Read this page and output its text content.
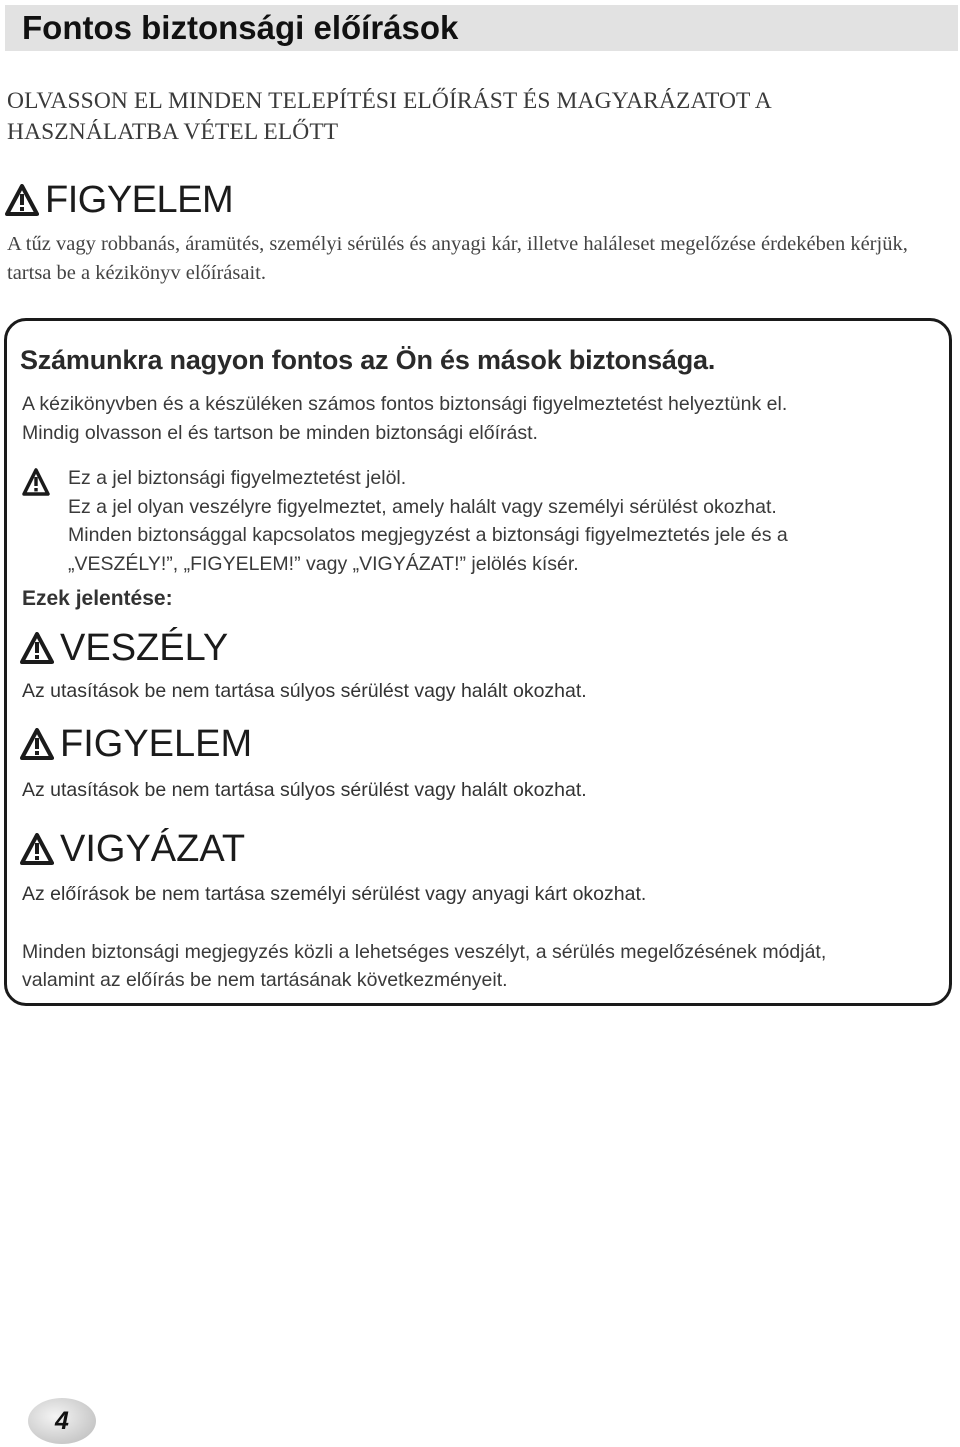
Fontos biztonsági előírások

OLVASSON EL MINDEN TELEPÍTÉSI ELŐÍRÁST ÉS MAGYARÁZATOT A HASZNÁLATBA VÉTEL ELŐTT

FIGYELEM

A tűz vagy robbanás, áramütés, személyi sérülés és anyagi kár, illetve haláleset megelőzése érdekében kérjük, tartsa be a kézikönyv előírásait.

Számunkra nagyon fontos az Ön és mások biztonsága.

A kézikönyvben és a készüléken számos fontos biztonsági figyelmeztetést helyeztünk el.

Mindig olvasson el és tartson be minden biztonsági előírást.

Ez a jel biztonsági figyelmeztetést jelöl.

Ez a jel olyan veszélyre figyelmeztet, amely halált vagy személyi sérülést okozhat.

Minden biztonsággal kapcsolatos megjegyzést a biztonsági figyelmeztetés jele és a

„VESZÉLY!”, „FIGYELEM!” vagy „VIGYÁZAT!” jelölés kísér.

Ezek jelentése:

VESZÉLY

Az utasítások be nem tartása súlyos sérülést vagy halált okozhat.

FIGYELEM

Az utasítások be nem tartása súlyos sérülést vagy halált okozhat.

VIGYÁZAT

Az előírások be nem tartása személyi sérülést vagy anyagi kárt okozhat.

Minden biztonsági megjegyzés közli a lehetséges veszélyt, a sérülés megelőzésének módját,

valamint az előírás be nem tartásának következményeit.

4
